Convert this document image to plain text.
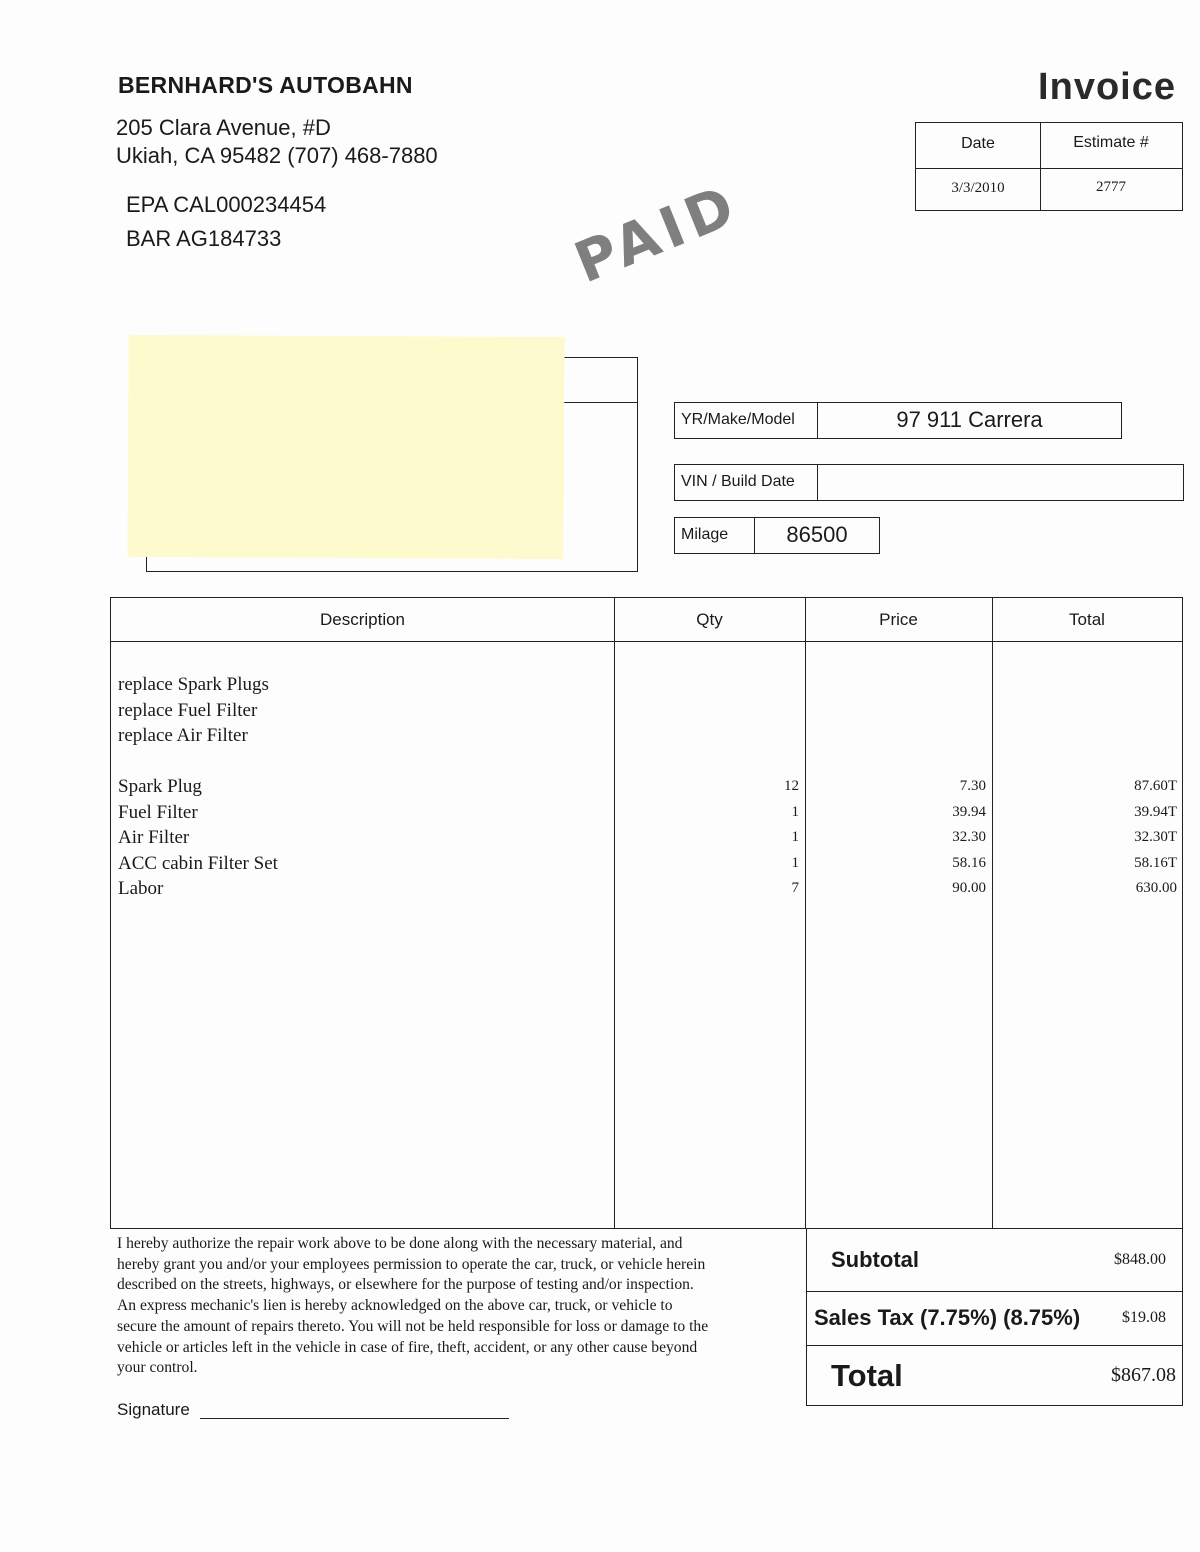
BERNHARD'S AUTOBAHN
205 Clara Avenue, #D
Ukiah, CA 95482 (707) 468-7880
EPA CAL000234454
BAR AG184733
Invoice
Date	Estimate #
3/3/2010	2777
PAID
YR/Make/Model	97 911 Carrera
VIN / Build Date
Milage	86500
Description	Qty	Price	Total
replace Spark Plugs
replace Fuel Filter
replace Air Filter
Spark Plug	12	7.30	87.60T
Fuel Filter	1	39.94	39.94T
Air Filter	1	32.30	32.30T
ACC cabin Filter Set	1	58.16	58.16T
Labor	7	90.00	630.00
I hereby authorize the repair work above to be done along with the necessary material, and
hereby grant you and/or your employees permission to operate the car, truck, or vehicle herein
described on the streets, highways, or elsewhere for the purpose of testing and/or inspection.
An express mechanic's lien is hereby acknowledged on the above car, truck, or vehicle to
secure the amount of repairs thereto. You will not be held responsible for loss or damage to the
vehicle or articles left in the vehicle in case of fire, theft, accident, or any other cause beyond
your control.
Signature
Subtotal	$848.00
Sales Tax (7.75%) (8.75%)	$19.08
Total	$867.08
